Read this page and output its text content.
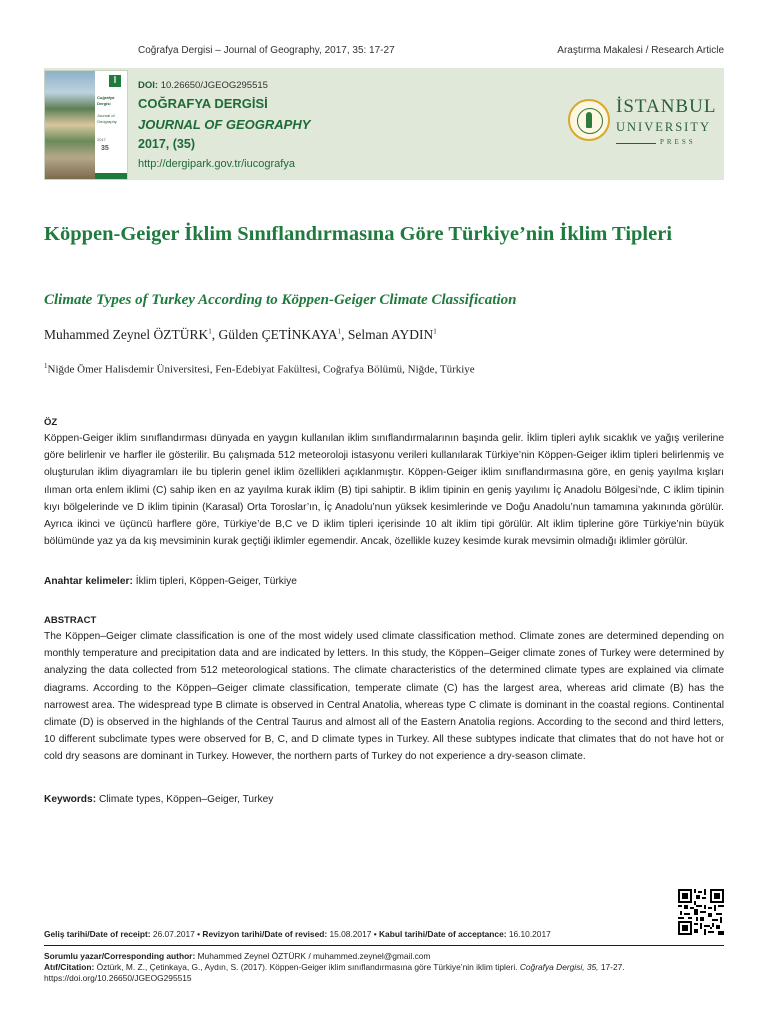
Coğrafya Dergisi – Journal of Geography, 2017, 35: 17-27	Araştırma Makalesi / Research Article
İ
Coğrafya
Dergisi
Journal of
Geography
2017
35
DOI: 10.26650/JGEOG295515
COĞRAFYA DERGİSİ
JOURNAL OF GEOGRAPHY
2017, (35)
http://dergipark.gov.tr/iucografya
İSTANBUL
UNIVERSITY
PRESS
Köppen-Geiger İklim Sınıflandırmasına Göre Türkiye’nin İklim Tipleri
Climate Types of Turkey According to Köppen-Geiger Climate Classification
Muhammed Zeynel ÖZTÜRK$^1$, Gülden ÇETİNKAYA$^1$, Selman AYDIN$^1$
$^1$Niğde Ömer Halisdemir Üniversitesi, Fen-Edebiyat Fakültesi, Coğrafya Bölümü, Niğde, Türkiye
ÖZ
Köppen-Geiger iklim sınıflandırması dünyada en yaygın kullanılan iklim sınıflandırmalarının başında gelir. İklim tipleri aylık sıcaklık ve yağış verilerine göre belirlenir ve harfler ile gösterilir. Bu çalışmada 512 meteoroloji istasyonu verileri kullanılarak Türkiye’nin Köppen-Geiger iklim tipleri belirlenmiş ve oluşturulan iklim diyagramları ile bu tiplerin genel iklim özellikleri açıklanmıştır. Köppen-Geiger iklim sınıflandırmasına göre, en geniş yayılma kışları ılıman orta enlem iklimi (C) sahip iken en az yayılma kurak iklim (B) tipi sahiptir. B iklim tipinin en geniş yayılımı İç Anadolu Bölgesi’nde, C iklim tipinin kıyı bölgelerinde ve D iklim tipinin (Karasal) Orta Toroslar’ın, İç Anadolu’nun yüksek kesimlerinde ve Doğu Anadolu’nun tamamına yakınında görülür. Ayrıca ikinci ve üçüncü harflere göre, Türkiye’de B,C ve D iklim tipleri içerisinde 10 alt iklim tipi görülür. Alt iklim tiplerine göre Türkiye’nin büyük bölümünde yaz ya da kış mevsiminin kurak geçtiği iklimler egemendir. Ancak, özellikle kuzey kesimde kurak mevsimin olmadığı iklimler görülür.
Anahtar kelimeler: İklim tipleri, Köppen-Geiger, Türkiye
ABSTRACT
The Köppen–Geiger climate classification is one of the most widely used climate classification method. Climate zones are determined depending on monthly temperature and precipitation data and are indicated by letters. In this study, the Köppen–Geiger climate zones of Turkey were determined by analyzing the data collected from 512 meteorological stations. The climate characteristics of the determined climate types are explained via climate diagrams. According to the Köppen–Geiger climate classification, temperate climate (C) has the largest area, whereas arid climate (B) has the narrowest area. The widespread type B climate is observed in Central Anatolia, whereas type C climate is dominant in the coastal regions. Continental climate (D) is observed in the highlands of the Central Taurus and almost all of the Eastern Anatolia regions. According to the second and third letters, 10 different subclimate types were observed for B, C, and D climate types in Turkey. All these subtypes indicate that climates that do not have hot or cold dry seasons are dominant in Turkey. However, the northern parts of Turkey do not experience a dry-season climate.
Keywords: Climate types, Köppen–Geiger, Turkey
Geliş tarihi/Date of receipt: 26.07.2017 • Revizyon tarihi/Date of revised: 15.08.2017 • Kabul tarihi/Date of acceptance: 16.10.2017
Sorumlu yazar/Corresponding author: Muhammed Zeynel ÖZTÜRK / muhammed.zeynel@gmail.com
Atıf/Citation: Öztürk, M. Z., Çetinkaya, G., Aydın, S. (2017). Köppen-Geiger iklim sınıflandırmasına göre Türkiye’nin iklim tipleri. Coğrafya Dergisi, 35, 17-27.
https://doi.org/10.26650/JGEOG295515
